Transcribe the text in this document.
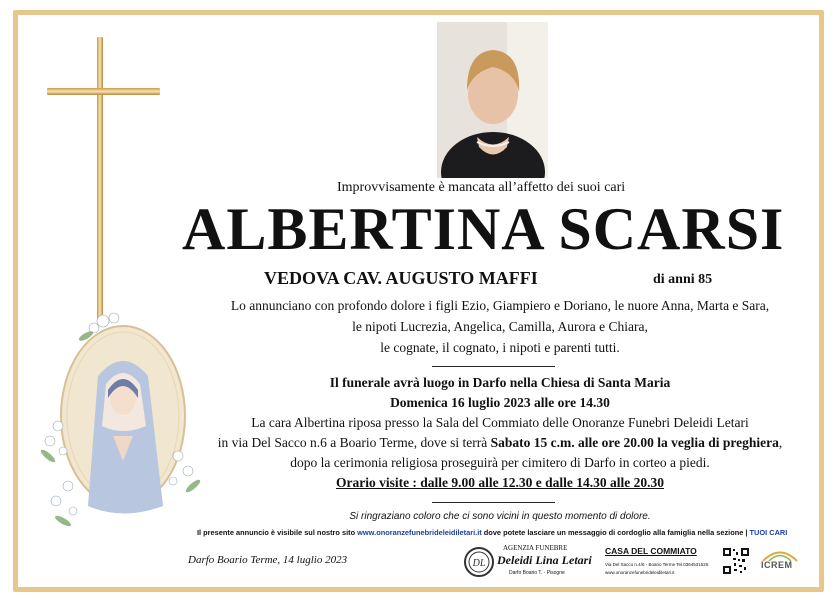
Improvvisamente è mancata all’affetto dei suoi cari
ALBERTINA SCARSI
VEDOVA CAV. AUGUSTO MAFFI	di anni 85
Lo annunciano con profondo dolore i figli Ezio, Giampiero e Doriano, le nuore Anna, Marta e Sara,
le nipoti Lucrezia, Angelica, Camilla, Aurora e Chiara,
le cognate, il cognato, i nipoti e parenti tutti.
Il funerale avrà luogo in Darfo nella Chiesa di Santa Maria
Domenica 16 luglio 2023 alle ore 14.30
La cara Albertina riposa presso la Sala del Commiato delle Onoranze Funebri Deleidi Letari
in via Del Sacco n.6 a Boario Terme, dove si terrà Sabato 15 c.m. alle ore 20.00 la veglia di preghiera,
dopo la cerimonia religiosa proseguirà per cimitero di Darfo in corteo a piedi.
Orario visite : dalle 9.00 alle 12.30 e dalle 14.30 alle 20.30
Si ringraziano coloro che ci sono vicini in questo momento di dolore.
Il presente annuncio è visibile sul nostro sito www.onoranzefunebrideleidiletari.it dove potete lasciare un messaggio di cordoglio alla famiglia nella sezione | TUOI CARI
Darfo Boario Terme, 14 luglio 2023	DL
AGENZIA FUNEBRE
Deleidi Lina Letari
Darfo Boario T. - Pisogne
CASA DEL COMMIATO
Via Del Sacco n.4/6 - Boario Terme Tel.0364531526
www.onoranzefunebrideleidiletari.it
ICREM
